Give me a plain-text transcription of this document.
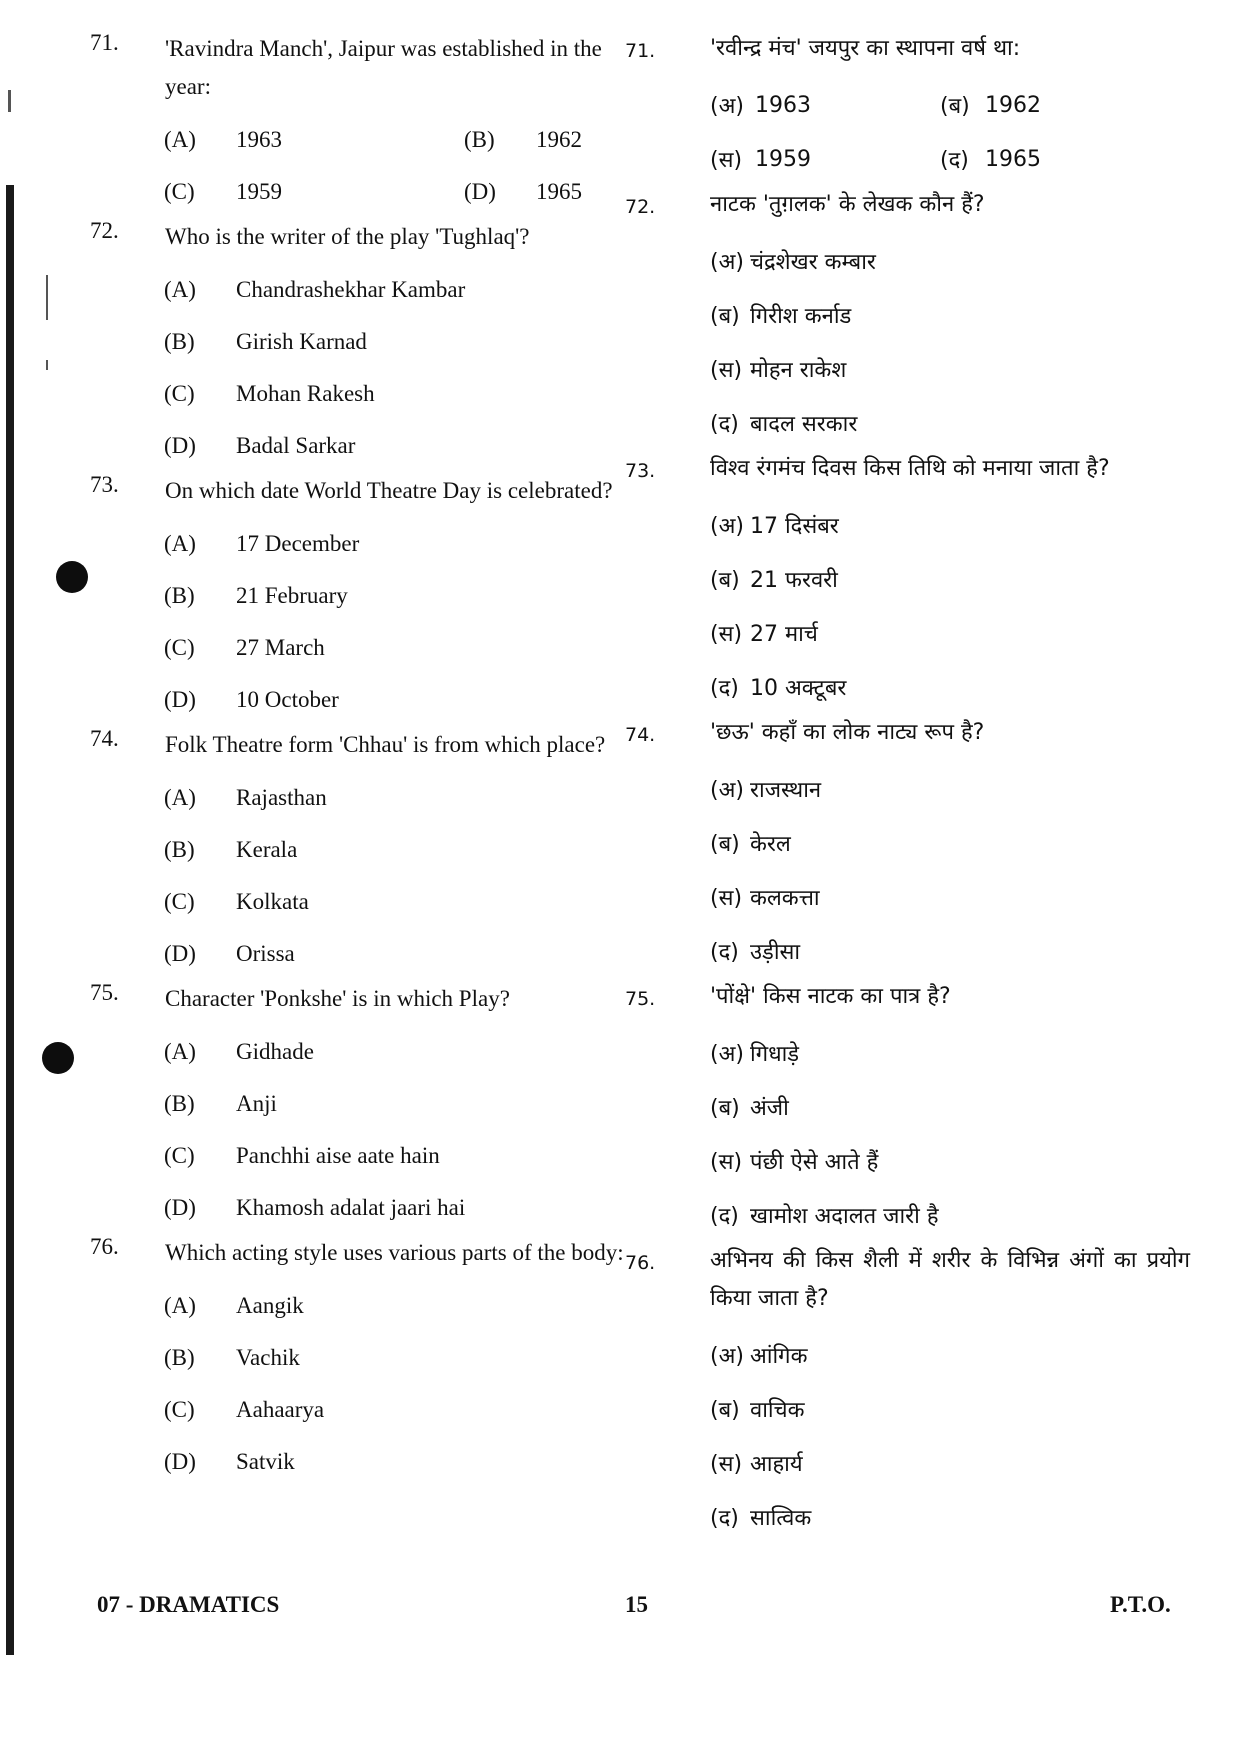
71.	'Ravindra Manch', Jaipur was established in the year:
(A)	1963	(B)	1962
(C)	1959	(D)	1965
72.	Who is the writer of the play 'Tughlaq'?
(A)	Chandrashekhar Kambar
(B)	Girish Karnad
(C)	Mohan Rakesh
(D)	Badal Sarkar
73.	On which date World Theatre Day is celebrated?
(A)	17 December
(B)	21 February
(C)	27 March
(D)	10 October
74.	Folk Theatre form 'Chhau' is from which place?
(A)	Rajasthan
(B)	Kerala
(C)	Kolkata
(D)	Orissa
75.	Character 'Ponkshe' is in which Play?
(A)	Gidhade
(B)	Anji
(C)	Panchhi aise aate hain
(D)	Khamosh adalat jaari hai
76.	Which acting style uses various parts of the body:
(A)	Aangik
(B)	Vachik
(C)	Aahaarya
(D)	Satvik
71.	'रवीन्द्र मंच' जयपुर का स्थापना वर्ष था:
(अ) 1963	(ब) 1962
(स) 1959	(द) 1965
72.	नाटक 'तुग़लक' के लेखक कौन हैं?
(अ) चंद्रशेखर कम्बार
(ब) गिरीश कर्नाड
(स) मोहन राकेश
(द) बादल सरकार
73.	विश्व रंगमंच दिवस किस तिथि को मनाया जाता है?
(अ) 17 दिसंबर
(ब) 21 फरवरी
(स) 27 मार्च
(द) 10 अक्टूबर
74.	'छऊ' कहाँ का लोक नाट्य रूप है?
(अ) राजस्थान
(ब) केरल
(स) कलकत्ता
(द) उड़ीसा
75.	'पोंक्षे' किस नाटक का पात्र है?
(अ) गिधाड़े
(ब) अंजी
(स) पंछी ऐसे आते हैं
(द) खामोश अदालत जारी है
76.	अभिनय की किस शैली में शरीर के विभिन्न अंगों का प्रयोग किया जाता है?
(अ) आंगिक
(ब) वाचिक
(स) आहार्य
(द) सात्विक
07 - DRAMATICS	15	P.T.O.
